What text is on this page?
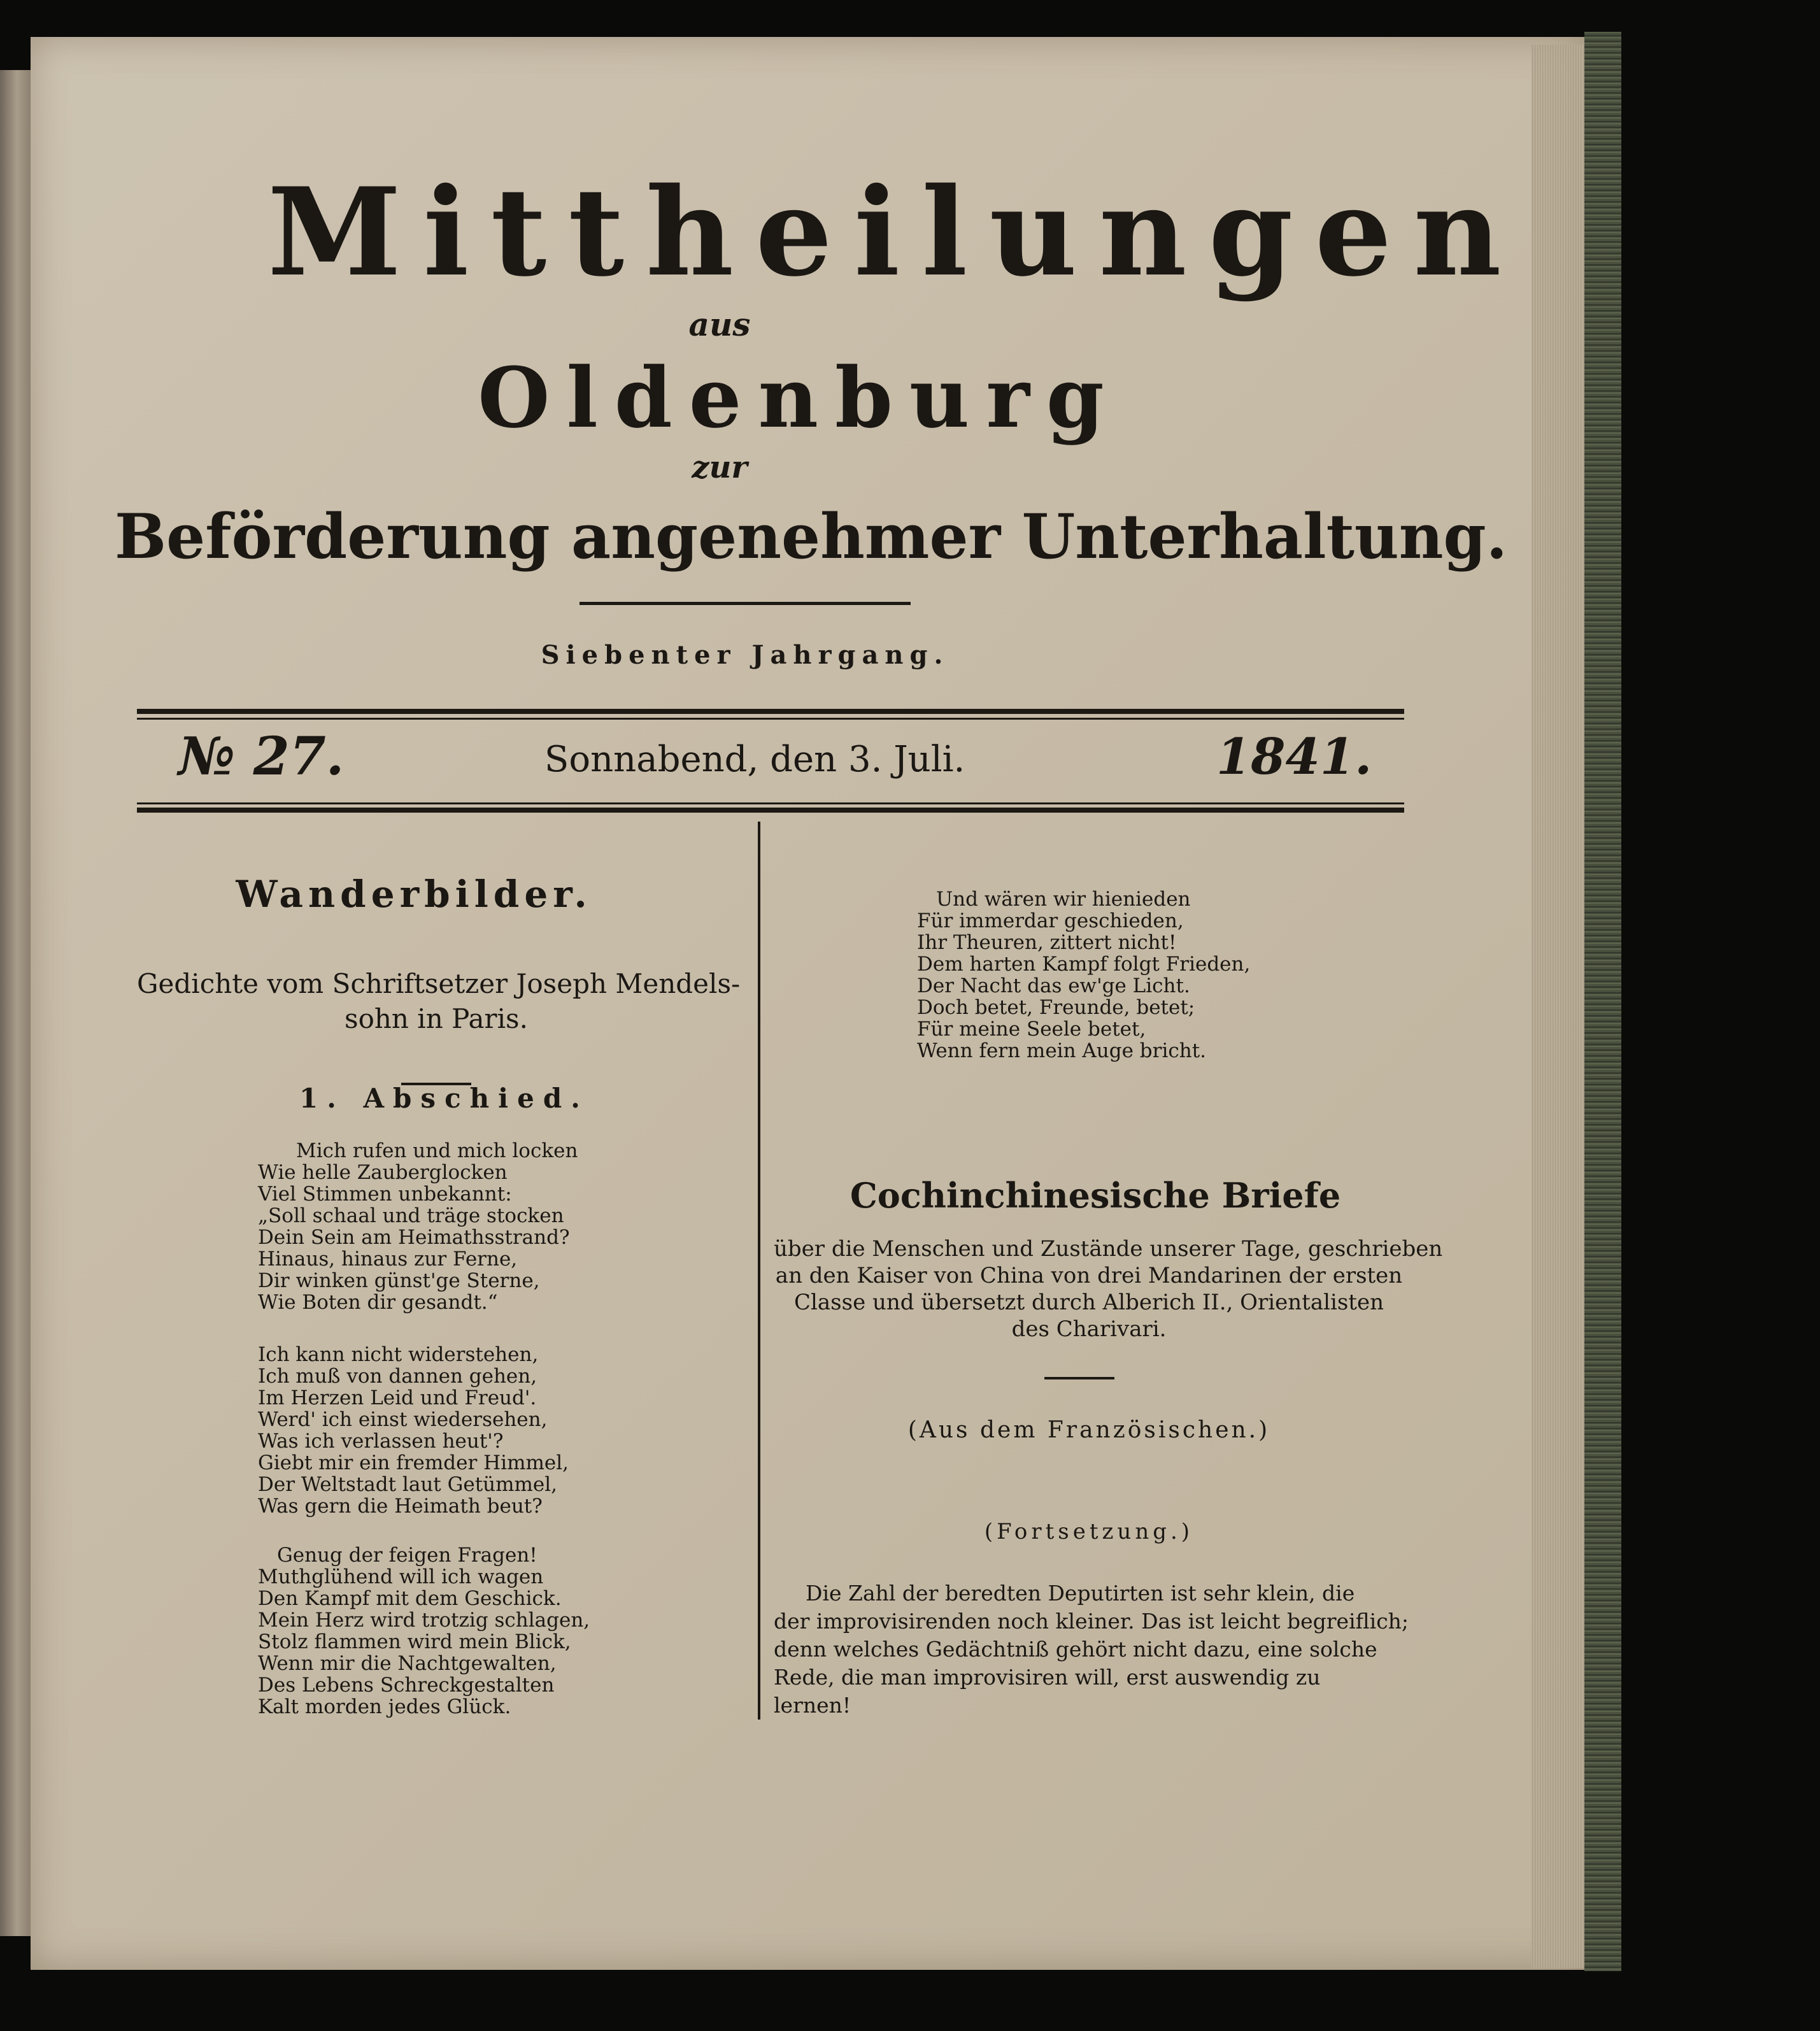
Mittheilungen
aus
Oldenburg
zur
Beförderung angenehmer Unterhaltung.
Siebenter Jahrgang.
№ 27.	Sonnabend, den 3. Juli.	1841.
Wanderbilder.
Gedichte vom Schriftsetzer Joseph Mendels-
sohn in Paris.
1. Abschied.
Mich rufen und mich locken
Wie helle Zauberglocken
Viel Stimmen unbekannt:
„Soll schaal und träge stocken
Dein Sein am Heimathsstrand?
Hinaus, hinaus zur Ferne,
Dir winken günst'ge Sterne,
Wie Boten dir gesandt.“
Ich kann nicht widerstehen,
Ich muß von dannen gehen,
Im Herzen Leid und Freud'.
Werd' ich einst wiedersehen,
Was ich verlassen heut'?
Giebt mir ein fremder Himmel,
Der Weltstadt laut Getümmel,
Was gern die Heimath beut?
Genug der feigen Fragen!
Muthglühend will ich wagen
Den Kampf mit dem Geschick.
Mein Herz wird trotzig schlagen,
Stolz flammen wird mein Blick,
Wenn mir die Nachtgewalten,
Des Lebens Schreckgestalten
Kalt morden jedes Glück.
Und wären wir hienieden
Für immerdar geschieden,
Ihr Theuren, zittert nicht!
Dem harten Kampf folgt Frieden,
Der Nacht das ew'ge Licht.
Doch betet, Freunde, betet;
Für meine Seele betet,
Wenn fern mein Auge bricht.
Cochinchinesische Briefe
über die Menschen und Zustände unserer Tage, geschrieben
an den Kaiser von China von drei Mandarinen der ersten
Classe und übersetzt durch Alberich II., Orientalisten
des Charivari.
(Aus dem Französischen.)
(Fortsetzung.)
Die Zahl der beredten Deputirten ist sehr klein, die
der improvisirenden noch kleiner. Das ist leicht begreiflich;
denn welches Gedächtniß gehört nicht dazu, eine solche
Rede, die man improvisiren will, erst auswendig zu
lernen!
